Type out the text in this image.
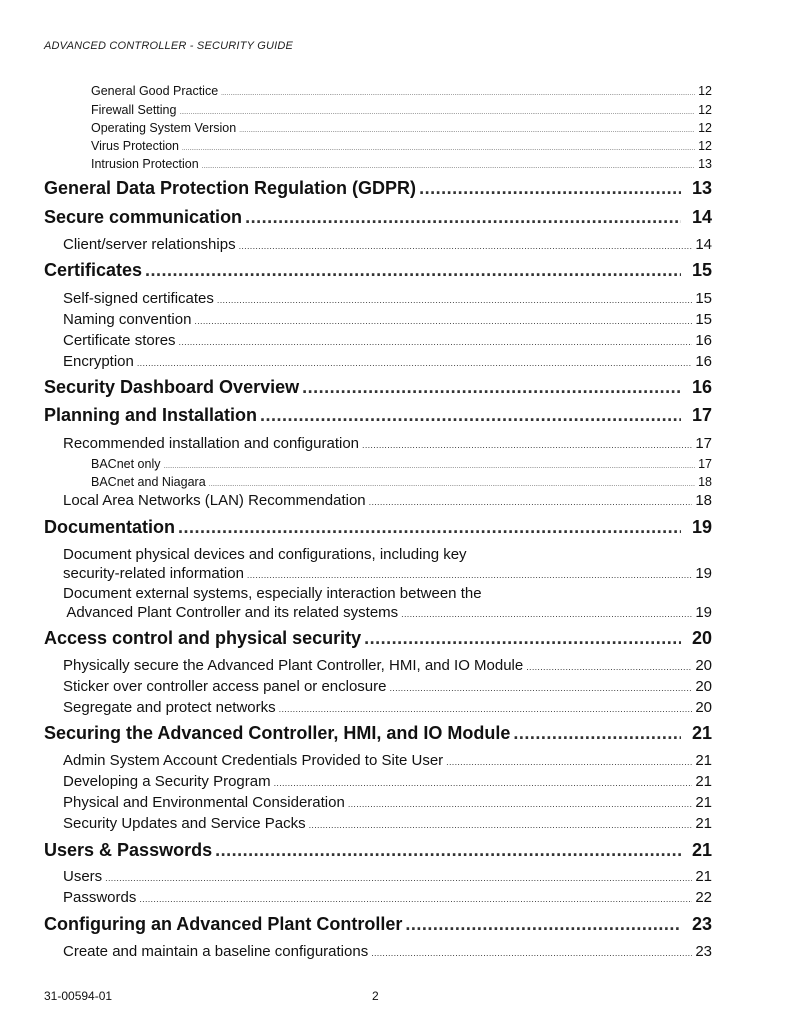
ADVANCED CONTROLLER - SECURITY GUIDE
General Good Practice .....	12
Firewall Setting .....	12
Operating System Version .....	12
Virus Protection .....	12
Intrusion Protection .....	13
General Data Protection Regulation (GDPR) .....	13
Secure communication .....	14
Client/server relationships .....	14
Certificates .....	15
Self-signed certificates .....	15
Naming convention .....	15
Certificate stores .....	16
Encryption .....	16
Security Dashboard Overview .....	16
Planning and Installation .....	17
Recommended installation and configuration .....	17
BACnet only .....	17
BACnet and Niagara .....	18
Local Area Networks (LAN) Recommendation .....	18
Documentation .....	19
Document physical devices and configurations, including key
security-related information .....	19
Document external systems, especially interaction between the
Advanced Plant Controller and its related systems .....	19
Access control and physical security .....	20
Physically secure the Advanced Plant Controller, HMI, and IO Module .....	20
Sticker over controller access panel or enclosure .....	20
Segregate and protect networks .....	20
Securing the Advanced Controller, HMI, and IO Module .....	21
Admin System Account Credentials Provided to Site User .....	21
Developing a Security Program .....	21
Physical and Environmental Consideration .....	21
Security Updates and Service Packs .....	21
Users & Passwords .....	21
Users .....	21
Passwords .....	22
Configuring an Advanced Plant Controller .....	23
Create and maintain a baseline configurations .....	23
31-00594-01	2
